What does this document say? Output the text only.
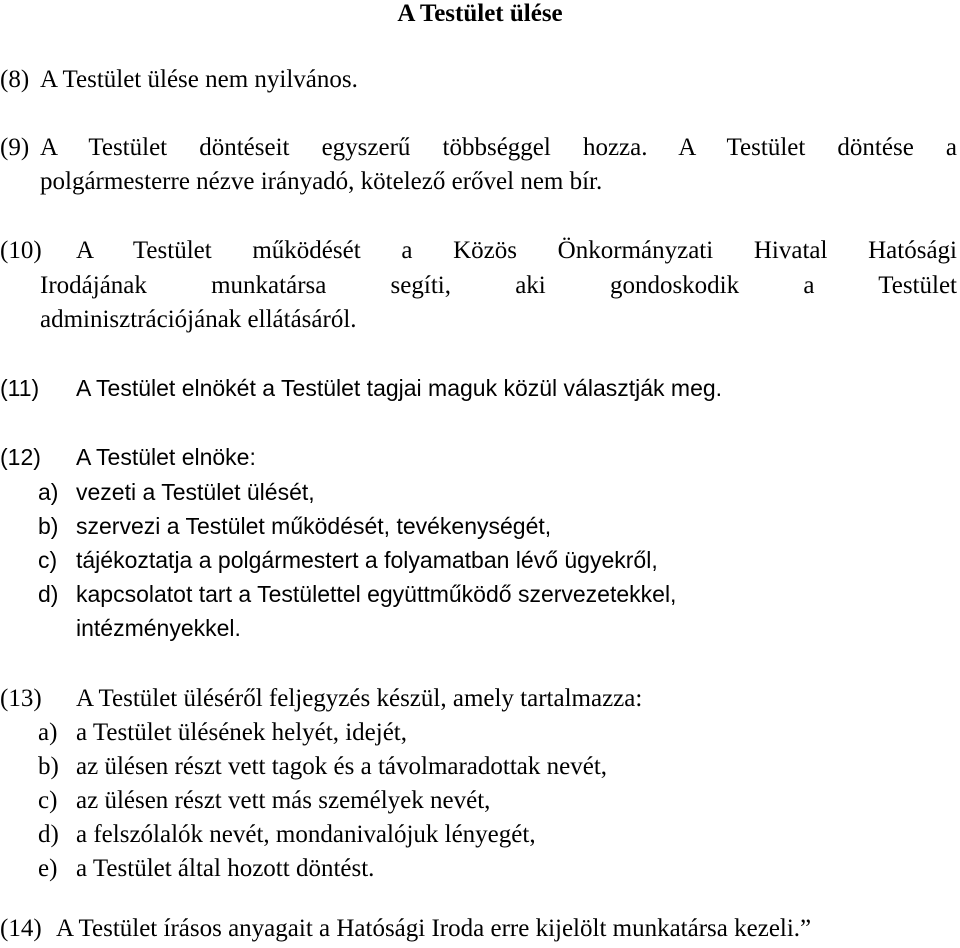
A Testület ülése
(8) A Testület ülése nem nyilvános.
(9) A Testület döntéseit egyszerű többséggel hozza. A Testület döntése a
polgármesterre nézve irányadó, kötelező erővel nem bír.
(10) A Testület működését a Közös Önkormányzati Hivatal Hatósági
Irodájának munkatársa segíti, aki gondoskodik a Testület
adminisztrációjának ellátásáról.
(11) A Testület elnökét a Testület tagjai maguk közül választják meg.
(12) A Testület elnöke:
a) vezeti a Testület ülését,
b) szervezi a Testület működését, tevékenységét,
c) tájékoztatja a polgármestert a folyamatban lévő ügyekről,
d) kapcsolatot tart a Testülettel együttműködő szervezetekkel,
intézményekkel.
(13) A Testület üléséről feljegyzés készül, amely tartalmazza:
a) a Testület ülésének helyét, idejét,
b) az ülésen részt vett tagok és a távolmaradottak nevét,
c) az ülésen részt vett más személyek nevét,
d) a felszólalók nevét, mondanivalójuk lényegét,
e) a Testület által hozott döntést.
(14) A Testület írásos anyagait a Hatósági Iroda erre kijelölt munkatársa kezeli.”
